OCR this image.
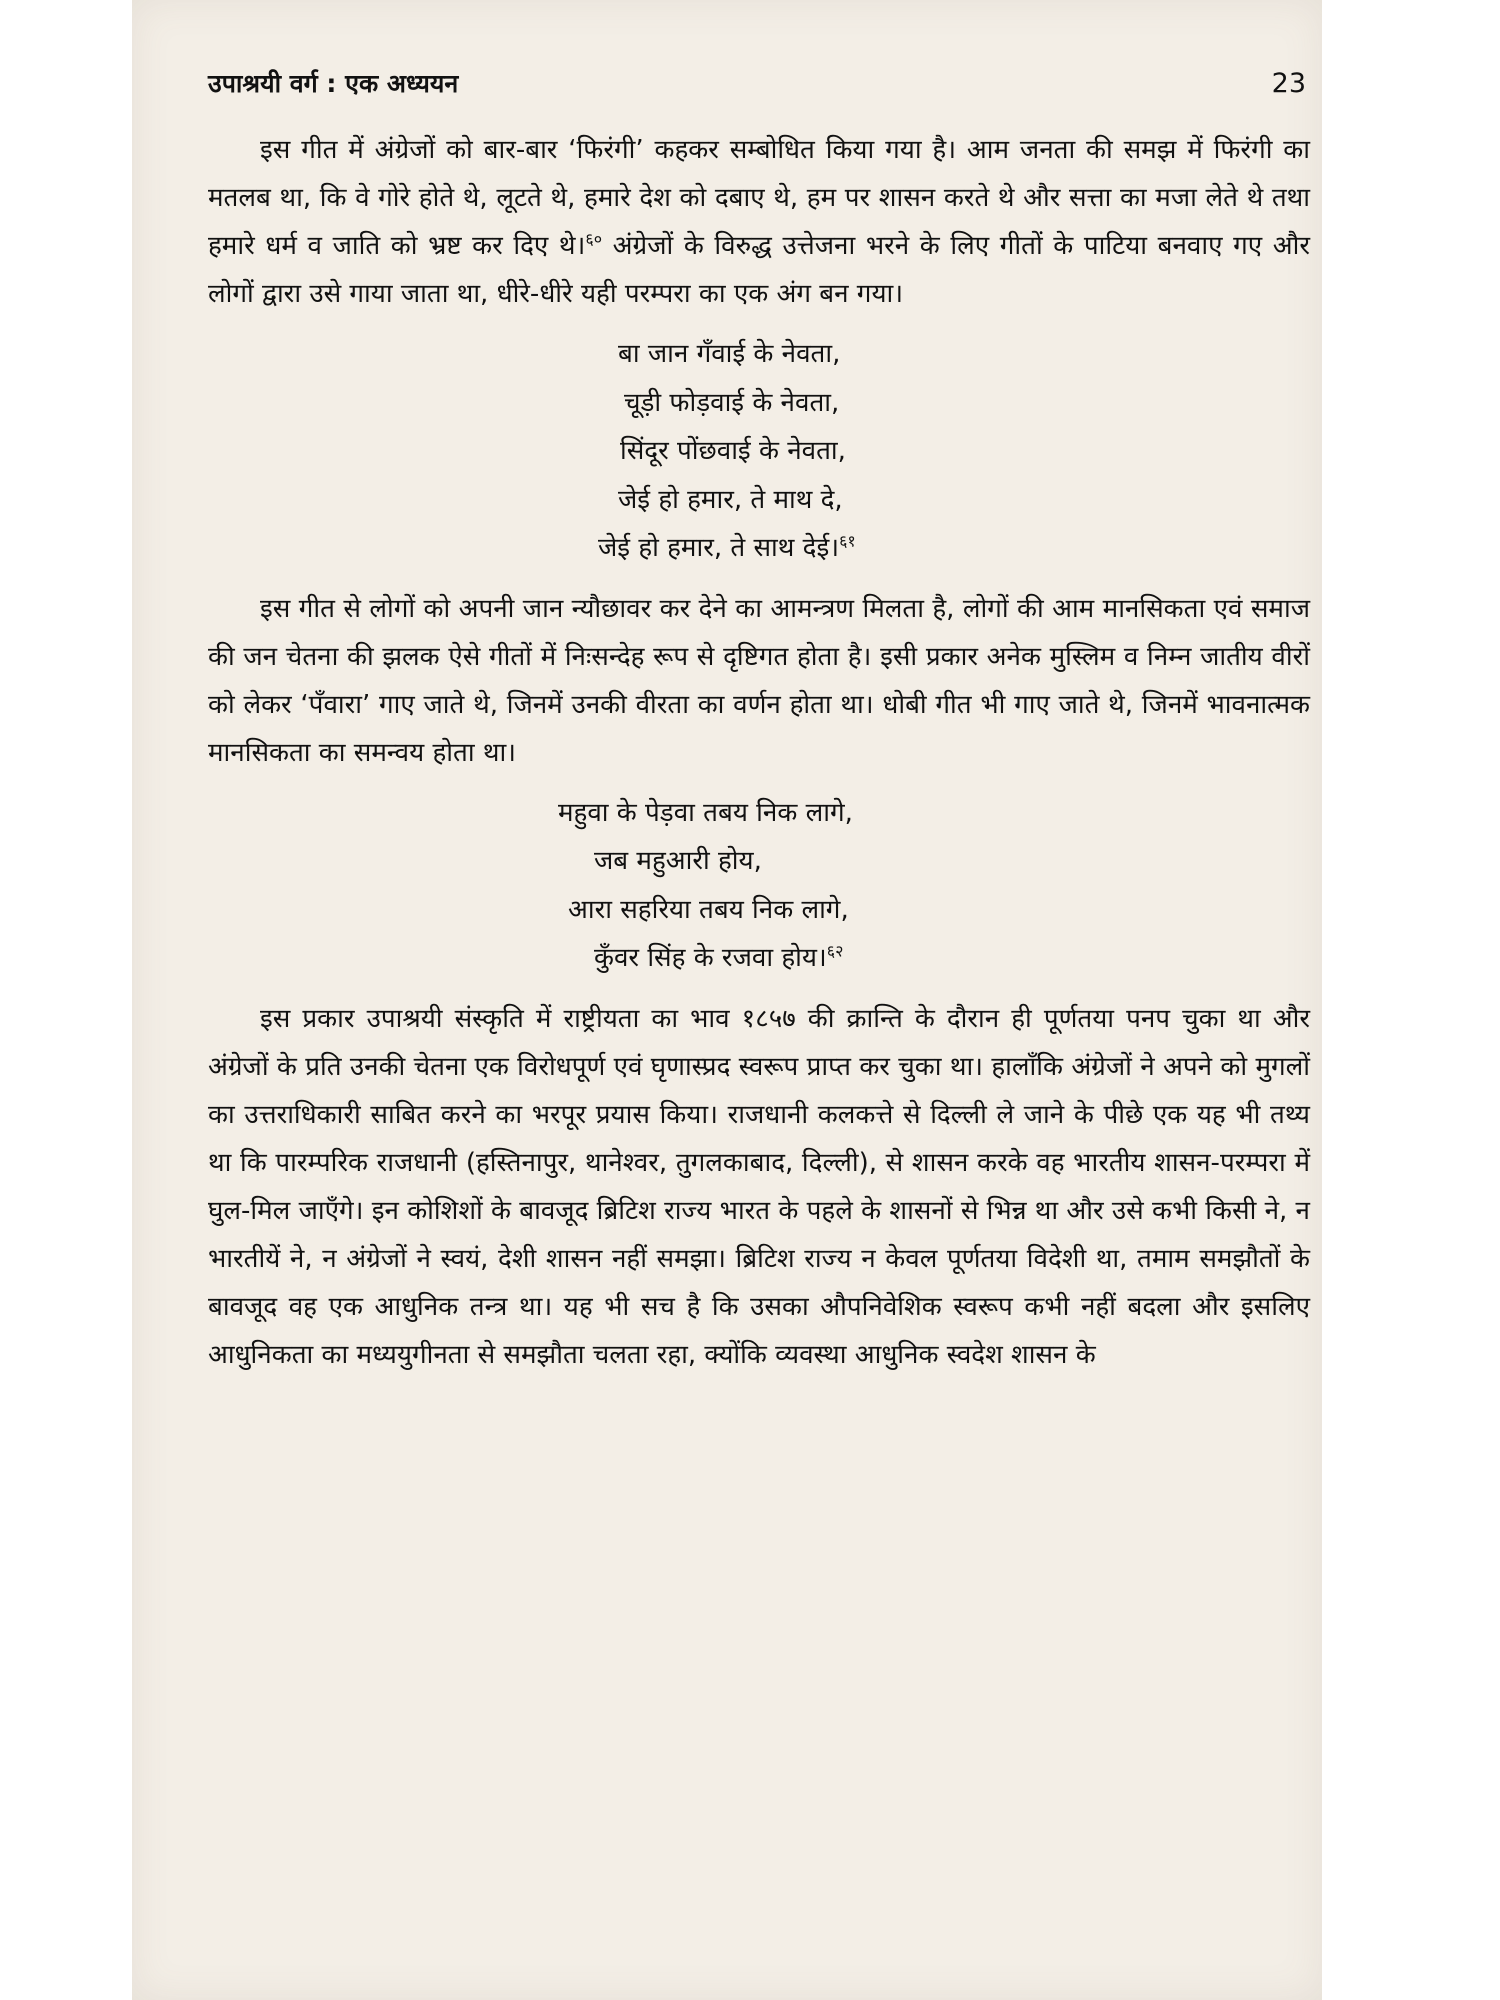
उपाश्रयी वर्ग : एक अध्ययन	23

इस गीत में अंग्रेजों को बार-बार ‘फिरंगी’ कहकर सम्बोधित किया गया है। आम जनता की समझ में फिरंगी का मतलब था, कि वे गोरे होते थे, लूटते थे, हमारे देश को दबाए थे, हम पर शासन करते थे और सत्ता का मजा लेते थे तथा हमारे धर्म व जाति को भ्रष्ट कर दिए थे।$^{६०}$ अंग्रेजों के विरुद्ध उत्तेजना भरने के लिए गीतों के पाटिया बनवाए गए और लोगों द्वारा उसे गाया जाता था, धीरे-धीरे यही परम्परा का एक अंग बन गया।

बा जान गँवाई के नेवता,
चूड़ी फोड़वाई के नेवता,
सिंदूर पोंछवाई के नेवता,
जेई हो हमार, ते माथ दे,
जेई हो हमार, ते साथ देई।$^{६१}$

इस गीत से लोगों को अपनी जान न्यौछावर कर देने का आमन्त्रण मिलता है, लोगों की आम मानसिकता एवं समाज की जन चेतना की झलक ऐसे गीतों में निःसन्देह रूप से दृष्टिगत होता है। इसी प्रकार अनेक मुस्लिम व निम्न जातीय वीरों को लेकर ‘पँवारा’ गाए जाते थे, जिनमें उनकी वीरता का वर्णन होता था। धोबी गीत भी गाए जाते थे, जिनमें भावनात्मक मानसिकता का समन्वय होता था।

महुवा के पेड़वा तबय निक लागे,
जब महुआरी होय,
आरा सहरिया तबय निक लागे,
कुँवर सिंह के रजवा होय।$^{६२}$

इस प्रकार उपाश्रयी संस्कृति में राष्ट्रीयता का भाव १८५७ की क्रान्ति के दौरान ही पूर्णतया पनप चुका था और अंग्रेजों के प्रति उनकी चेतना एक विरोधपूर्ण एवं घृणास्प्रद स्वरूप प्राप्त कर चुका था। हालाँकि अंग्रेजों ने अपने को मुगलों का उत्तराधिकारी साबित करने का भरपूर प्रयास किया। राजधानी कलकत्ते से दिल्ली ले जाने के पीछे एक यह भी तथ्य था कि पारम्परिक राजधानी (हस्तिनापुर, थानेश्वर, तुगलकाबाद, दिल्ली), से शासन करके वह भारतीय शासन-परम्परा में घुल-मिल जाएँगे। इन कोशिशों के बावजूद ब्रिटिश राज्य भारत के पहले के शासनों से भिन्न था और उसे कभी किसी ने, न भारतीयें ने, न अंग्रेजों ने स्वयं, देशी शासन नहीं समझा। ब्रिटिश राज्य न केवल पूर्णतया विदेशी था, तमाम समझौतों के बावजूद वह एक आधुनिक तन्त्र था। यह भी सच है कि उसका औपनिवेशिक स्वरूप कभी नहीं बदला और इसलिए आधुनिकता का मध्ययुगीनता से समझौता चलता रहा, क्योंकि व्यवस्था आधुनिक स्वदेश शासन के
